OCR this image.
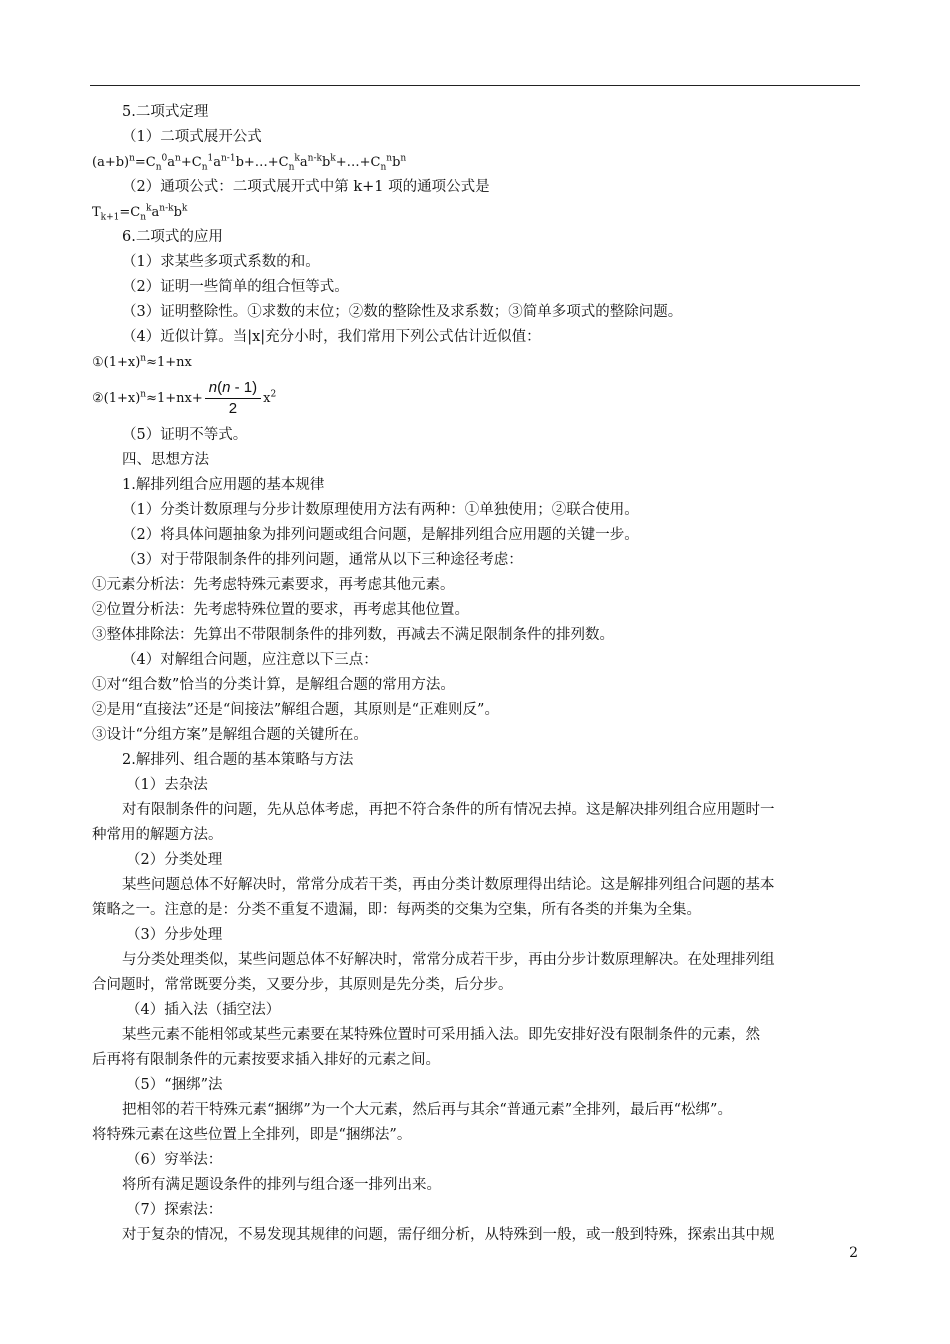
5.二项式定理
（1）二项式展开公式
$(a+b)^n=C_n^0a^n+C_n^1a^{n-1}b+\dots+C_n^ka^{n-k}b^k+\dots+C_n^nb^n$
（2）通项公式：二项式展开式中第 k+1 项的通项公式是
$T_{k+1}=C_n^ka^{n-k}b^k$
6.二项式的应用
（1）求某些多项式系数的和。
（2）证明一些简单的组合恒等式。
（3）证明整除性。①求数的末位；②数的整除性及求系数；③简单多项式的整除问题。
（4）近似计算。当|x|充分小时，我们常用下列公式估计近似值：
$①(1+x)^n\approx 1+nx$
$②(1+x)^n\approx 1+nx+ \frac{n(n - 1)}{2} x^2$
（5）证明不等式。
四、思想方法
1.解排列组合应用题的基本规律
（1）分类计数原理与分步计数原理使用方法有两种：①单独使用；②联合使用。
（2）将具体问题抽象为排列问题或组合问题，是解排列组合应用题的关键一步。
（3）对于带限制条件的排列问题，通常从以下三种途径考虑：
①元素分析法：先考虑特殊元素要求，再考虑其他元素。
②位置分析法：先考虑特殊位置的要求，再考虑其他位置。
③整体排除法：先算出不带限制条件的排列数，再减去不满足限制条件的排列数。
（4）对解组合问题，应注意以下三点：
①对“组合数”恰当的分类计算，是解组合题的常用方法。
②是用“直接法”还是“间接法”解组合题，其原则是“正难则反”。
③设计“分组方案”是解组合题的关键所在。
2.解排列、组合题的基本策略与方法
（1）去杂法
对有限制条件的问题，先从总体考虑，再把不符合条件的所有情况去掉。这是解决排列组合应用题时一
种常用的解题方法。
（2）分类处理
某些问题总体不好解决时，常常分成若干类，再由分类计数原理得出结论。这是解排列组合问题的基本
策略之一。注意的是：分类不重复不遗漏，即：每两类的交集为空集，所有各类的并集为全集。
（3）分步处理
与分类处理类似，某些问题总体不好解决时，常常分成若干步，再由分步计数原理解决。在处理排列组
合问题时，常常既要分类，又要分步，其原则是先分类，后分步。
（4）插入法（插空法）
某些元素不能相邻或某些元素要在某特殊位置时可采用插入法。即先安排好没有限制条件的元素，然
后再将有限制条件的元素按要求插入排好的元素之间。
（5）“捆绑”法
把相邻的若干特殊元素“捆绑”为一个大元素，然后再与其余“普通元素”全排列，最后再“松绑”。
将特殊元素在这些位置上全排列，即是“捆绑法”。
（6）穷举法：
将所有满足题设条件的排列与组合逐一排列出来。
（7）探索法：
对于复杂的情况，不易发现其规律的问题，需仔细分析，从特殊到一般，或一般到特殊，探索出其中规
2
